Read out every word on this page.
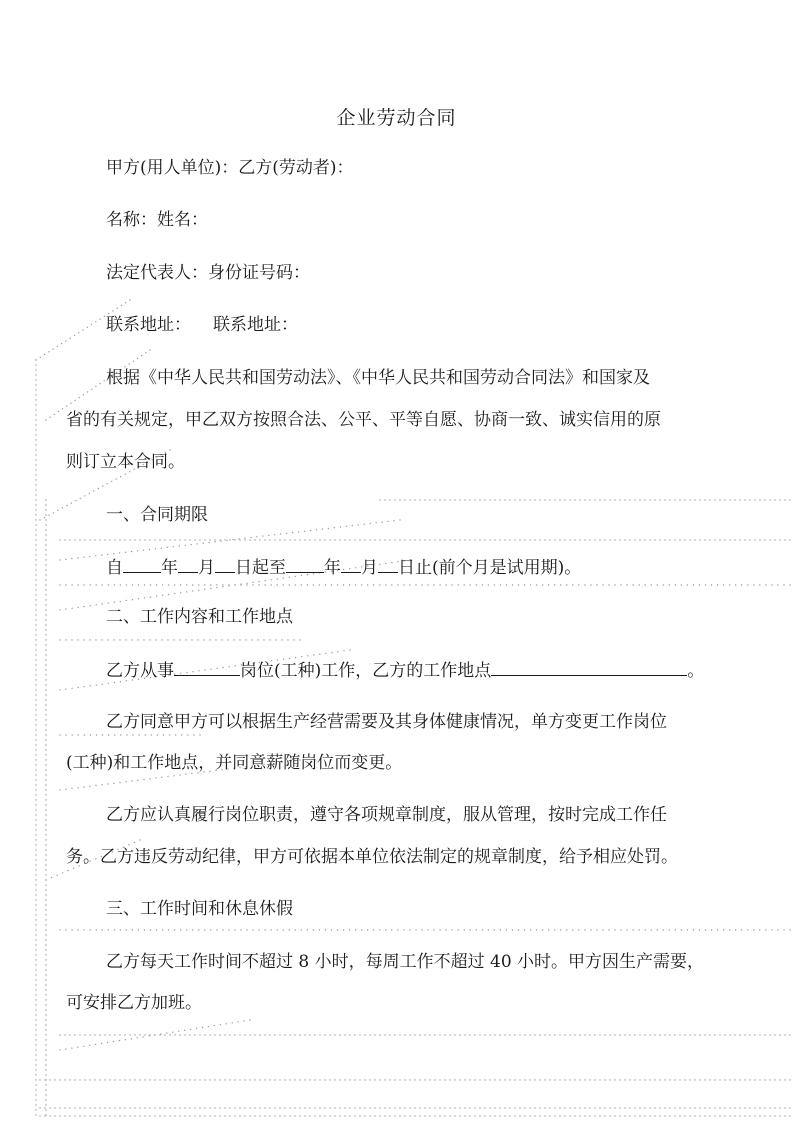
企业劳动合同
甲方(用人单位)：乙方(劳动者)：
名称：姓名：
法定代表人：身份证号码：
联系地址： 联系地址：
根据《中华人民共和国劳动法》、《中华人民共和国劳动合同法》和国家及
省的有关规定，甲乙双方按照合法、公平、平等自愿、协商一致、诚实信用的原
则订立本合同。
一、合同期限
自 年 月 日起至 年 月 日止(前个月是试用期)。
二、工作内容和工作地点
乙方从事	岗位(工种)工作，乙方的工作地点	。
乙方同意甲方可以根据生产经营需要及其身体健康情况，单方变更工作岗位
(工种)和工作地点，并同意薪随岗位而变更。
乙方应认真履行岗位职责，遵守各项规章制度，服从管理，按时完成工作任
务。乙方违反劳动纪律，甲方可依据本单位依法制定的规章制度，给予相应处罚。
三、工作时间和休息休假
乙方每天工作时间不超过 8 小时，每周工作不超过 40 小时。甲方因生产需要，
可安排乙方加班。
